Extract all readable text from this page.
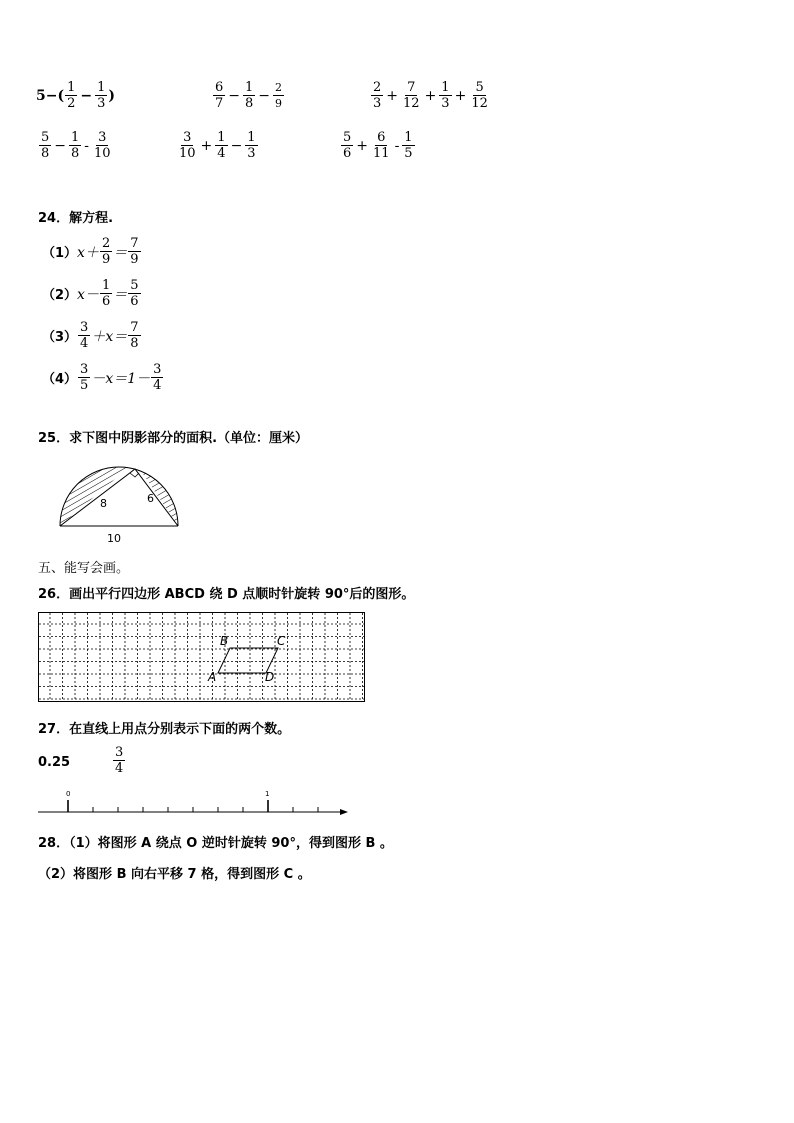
$5-( \frac{1}{2} - \frac{1}{3}$ )	$\frac{6}{7} - \frac{1}{8} - \frac{2}{9}$	$\frac{2}{3} + \frac{7}{12} + \frac{1}{3} + \frac{5}{12}$
$\frac{5}{8} - \frac{1}{8} - \frac{3}{10}$	$\frac{3}{10} + \frac{1}{4} - \frac{1}{3}$	$\frac{5}{6} + \frac{6}{11} - \frac{1}{5}$
24．解方程.
（1） $x+ \frac{2}{9} = \frac{7}{9}$
（2） $x- \frac{1}{6} = \frac{5}{6}$
$(3) \frac{3}{4} +x= \frac{7}{8}$
$(4) \frac{3}{5} -x=1- \frac{3}{4}$
25．求下图中阴影部分的面积.（单位：厘米）
8	6
10
五、能写会画。
26．画出平行四边形 ABCD 绕 D 点顺时针旋转 90°后的图形。
A
B	C
D
27．在直线上用点分别表示下面的两个数。
0.25	$\frac{3}{4}$
0	1
28．（1）将图形 A 绕点 O 逆时针旋转 90°，得到图形 B 。
（2）将图形 B 向右平移 7 格，得到图形 C 。
